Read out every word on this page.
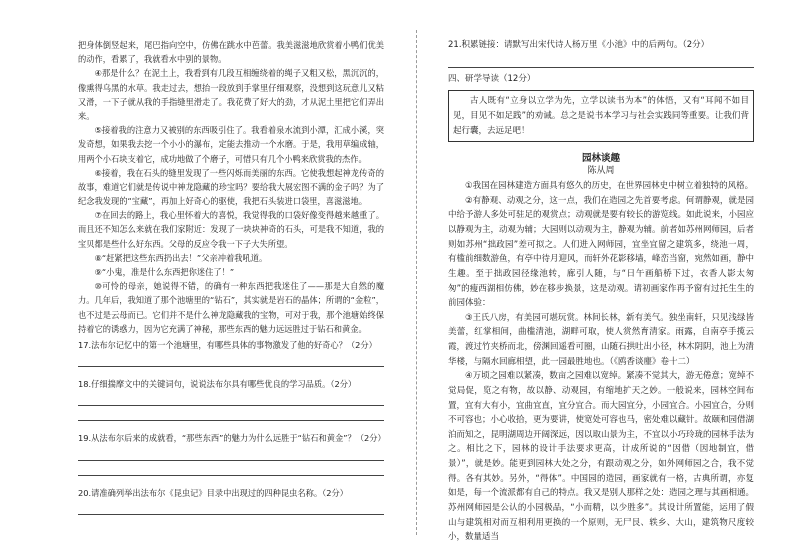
把身体倒竖起来，尾巴指向空中，仿佛在跳水中芭蕾。我美滋滋地欣赏着小鸭们优美的动作，看累了，我就看水中别的景物。

④那是什么？在泥土上，我看到有几段互相缠绕着的绳子又粗又松，黑沉沉的，像熏得乌黑的水草。我走过去，想抬一段放到手掌里仔细观察，没想到这玩意儿又粘又滑，一下子就从我的手指缝里滑走了。我花费了好大的劲，才从泥土里把它们弄出来。

⑤接着我的注意力又被别的东西吸引住了。我看着泉水流到小潭，汇成小溪，突发奇想，如果我去挖一个小小的瀑布，定能去推动一个水磨。于是，我用草编成轴，用两个小石块支着它，成功地做了个磨子，可惜只有几个小鸭来欣赏我的杰作。

⑥接着，我在石头的缝里发现了一些闪烁而美丽的东西。它使我想起神龙传奇的故事，难道它们就是传说中神龙隐藏的珍宝吗？要给我大展宏图不满的金子吗？为了纪念我发现的“宝藏”，再加上好奇心的驱使，我把石头装进口袋里，喜滋滋地。

⑦在回去的路上，我心里怀着大的喜悦，我觉得我的口袋好像变得越来越重了。而且还不知怎么来就在我们家附近：发现了一块块神奇的石头，可是我不知道，我的宝贝都是些什么好东西。父母的反应令我一下子大失所望。

⑧“赶紧把这些东西扔出去！”父亲冲着我吼道。

⑨“小鬼，准是什么东西把你迷住了！”

⑩可怜的母亲，她说得不错，的确有一种东西把我迷住了——那是大自然的魔力。几年后，我知道了那个池塘里的“钻石”，其实就是岩石的晶体；所谓的“金粒”，也不过是云母而已。它们并不是什么神龙隐藏我的宝物，可对于我，那个池塘始终保持着它的诱惑力，因为它充满了神秘，那些东西的魅力远远胜过于钻石和黄金。

17.法布尔记忆中的第一个池塘里，有哪些具体的事物激发了他的好奇心？（2分）

18.仔细揣摩文中的关键词句，说说法布尔具有哪些优良的学习品质。（2分）

19.从法布尔后来的成就看，“那些东西”的魅力为什么远胜于“钻石和黄金”？（2分）

20.请准确列举出法布尔《昆虫记》目录中出现过的四种昆虫名称。（2分）

21.积累链接：请默写出宋代诗人杨万里《小池》中的后两句。（2分）

四、研学导读（12分）

古人既有“立身以立学为先，立学以读书为本”的体悟，又有“耳闻不如目见，目见不如足践”的劝诫。总之是说书本学习与社会实践同等重要。让我们背起行囊，去远足吧！

园林谈趣
陈从周

①我国在园林建造方面具有悠久的历史，在世界园林史中树立着独特的风格。

②有静观、动观之分，这一点，我们在造园之先首要考虑。何谓静观，就是园中给予游人多处可驻足的观赏点；动观就是要有较长的游览线。如此说来，小园应以静观为主，动观为辅；大园则以动观为主，静观为辅。前者如苏州网师园，后者则如苏州“拙政园”差可拟之。人们进入网师园，宜坐宜留之建筑多，绕池一周，有槛前细数游鱼，有亭中待月迎风，而轩外花影移墙，峰峦当窗，宛然如画，静中生趣。至于拙政园径缘池转，廊引人随，与“日午画船桥下过，衣香人影太匆匆”的瘦西湖相仿佛，妙在移步换景，这是动观。请初画家作再予窗有过托生生的前园体验：

③王氏八房，有美园可堪玩赏。林间长林，新有美气。独坐南轩，只见浅绿皆美蕾，红掌相间，曲槛清池，湖畔可取，使人赏然育清家。雨露，自南亭手揽云霞，渡过竹夹桥而北，傍渊回遥看可圈，山随石拱吐出小径，林木阴阴，池上为清华楼，与隔水回廊相望，此一园最胜地也。（《鸥香谈麈》卷十二）

④万顷之园难以紧凑，数亩之园难以宽绰。紧凑不觉其大，游无倦意；宽绰不觉局促，览之有物，故以静、动观园，有缩地扩天之妙。一般说来，园林空间布置，宜有大有小，宜曲宜直，宜分宜合。而大园宜分，小园宜合。小园宜合，分则不可容也；小心收拾，更为要讲，使宽处可容也马，密处难以藏针。故颐和园借湖泊而知之，昆明湖周边开阔深远，因以取山景为主，不宜以小巧玲珑的园林手法为之。相比之下，园林的设计手法要求更高，计成所说的“因借（因地制宜，借景）”，就是妙。能更到园林大处之分，有跟动观之分，如外网师园之合，我不觉得。各有其妙。另外，“得体”。中国园的造园，画家就有一格，古典所谓，亦复如是，每一个流派都有自己的特点。我又是别人那样之处：造园之理与其画相通。苏州网师园是公认的小园极品，“小而精，以少胜多”。其设计所置能，运用了假山与建筑相对而互相利用更换的一个原则，无尸艮、轶乡、大山，建筑物尺度较小，数量适当
